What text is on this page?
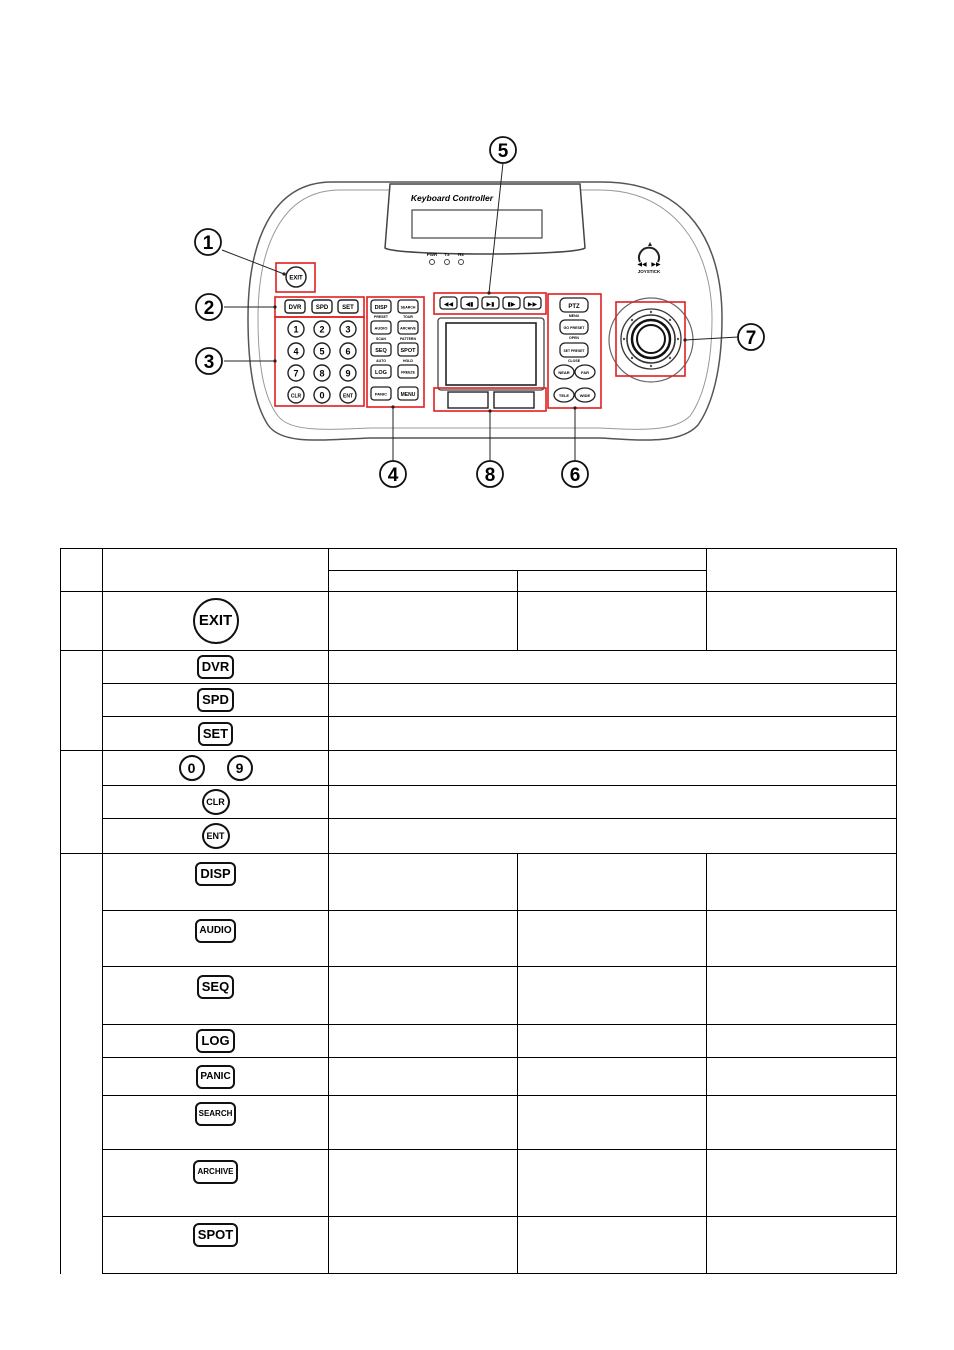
Keyboard Controller
PWR Tx Rx
◀◀ ▶▶
JOYSTICK
EXIT
DVR SPD SET
1 2 3
4 5 6
7 8 9
CLR 0	ENT
DISP	SEARCH
PRESET	TOUR
AUDIO	ARCHIVE
SCAN	PATTERN
SEQ SPOT
AUTO	HOLD
LOG	FREEZE
PANIC	MENU
◀◀ ◀▮ ▶▮ ▮▶ ▶▶	PTZ
MENU
GO PRESET
OPEN
SET PRESET
CLOSE
NEAR	FAR
TELE	WIDE
1
2
3
4
5
6
7
8

	EXIT			
	DVR			
	SPD			
	SET			
	0 9			
	CLR			
	ENT			
	DISP			
	AUDIO			
	SEQ			
	LOG			
	PANIC			
	SEARCH			
	ARCHIVE			
	SPOT			
